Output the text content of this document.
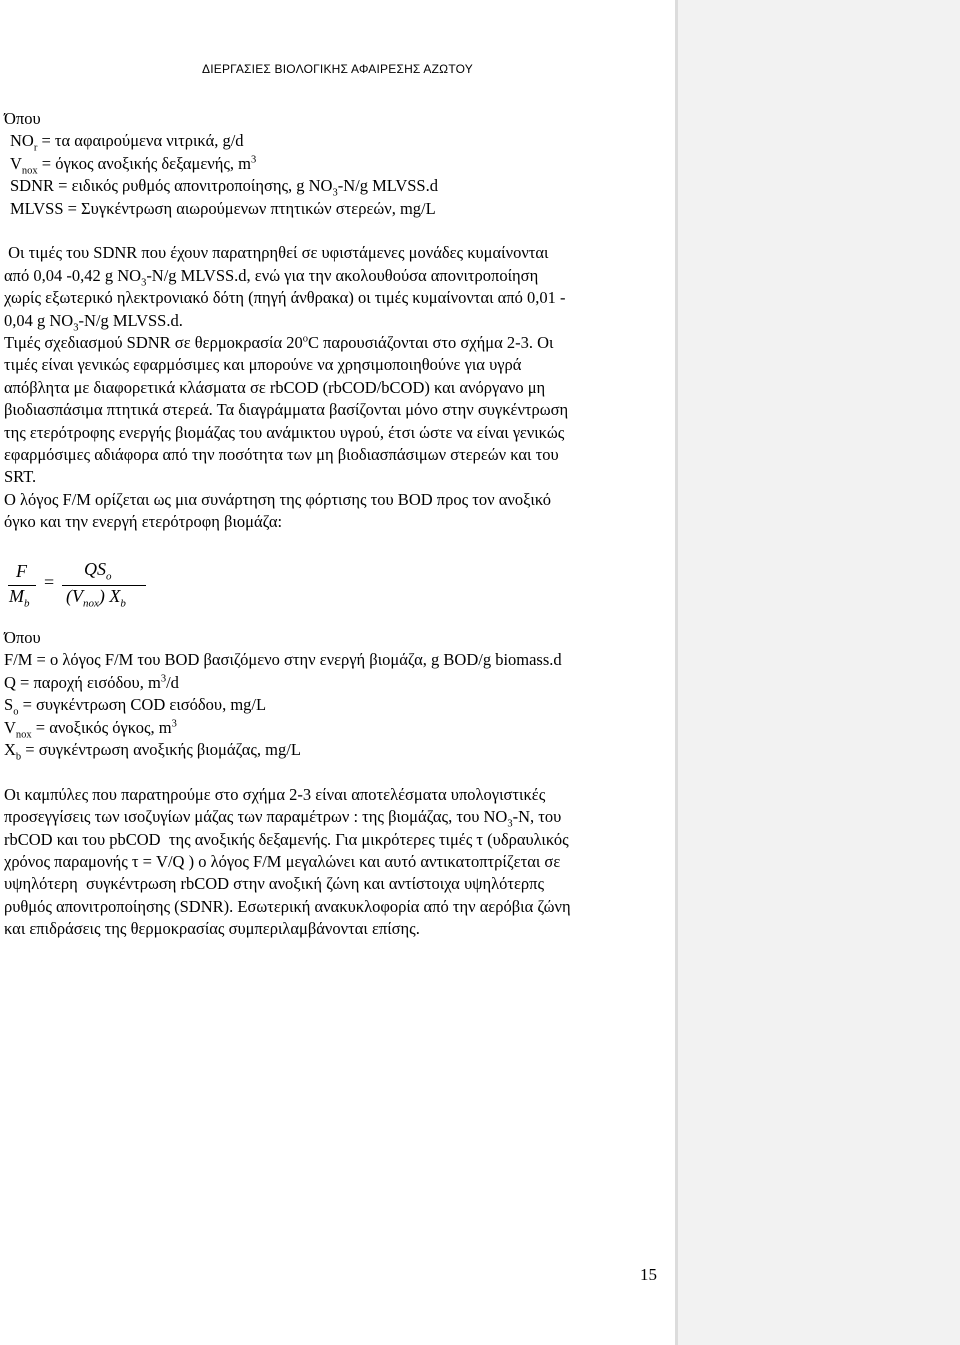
ΔΙΕΡΓΑΣΙΕΣ ΒΙΟΛΟΓΙΚΗΣ ΑΦΑΙΡΕΣΗΣ ΑΖΩΤΟΥ
Όπου
$NO_r = \tau\alpha$ αφαιρούμενα νιτρικά, g/d
$V_{nox} = ό\gamma\kappa o\varsigma$ ανοξικής δεξαμενής, $m^3$
SDNR = ειδικός ρυθμός απονιτροποίησης, g $NO_3-N/g$ MLVSS.d
MLVSS = Συγκέντρωση αιωρούμενων πτητικών στερεών, mg/L
Οι τιμές του SDNR που έχουν παρατηρηθεί σε υφιστάμενες μονάδες κυμαίνονται
από 0,04 -0,42 g $NO_3-N/g$ MLVSS.d, ενώ για την ακολουθούσα απονιτροποίηση
χωρίς εξωτερικό ηλεκτρονιακό δότη (πηγή άνθρακα) οι τιμές κυμαίνονται από 0,01 -
0,04 g $NO_3-N/g$ MLVSS.d.
Τιμές σχεδιασμού SDNR σε θερμοκρασία 20$^o$C παρουσιάζονται στο σχήμα 2-3. Οι
τιμές είναι γενικώς εφαρμόσιμες και μπορούνε να χρησιμοποιηθούνε για υγρά
απόβλητα με διαφορετικά κλάσματα σε rbCOD (rbCOD/bCOD) και ανόργανο μη
βιοδιασπάσιμα πτητικά στερεά. Τα διαγράμματα βασίζονται μόνο στην συγκέντρωση
της ετερότροφης ενεργής βιομάζας του ανάμικτου υγρού, έτσι ώστε να είναι γενικώς
εφαρμόσιμες αδιάφορα από την ποσότητα των μη βιοδιασπάσιμων στερεών και του
SRT.
Ο λόγος F/M ορίζεται ως μια συνάρτηση της φόρτισης του BOD προς τον ανοξικό
όγκο και την ενεργή ετερότροφη βιομάζα:
F
$M_b$
=
$QS_o$
$(V_{nox})$ $X_b$
Όπου
F/M = ο λόγος F/M του BOD βασιζόμενο στην ενεργή βιομάζα, g BOD/g biomass.d
Q = παροχή εισόδου, $m^3/d$
$S_o = \sigma\upsilon\gamma\kappa έ\nu\tau\rho\omega\sigma\eta$ COD εισόδου, mg/L
$V_{nox} = \alpha\nu o\xi\iota\kappa ό\varsigma$ όγκος, $m^3$
$X_b = \sigma\upsilon\gamma\kappa έ\nu\tau\rho\omega\sigma\eta$ ανοξικής βιομάζας, mg/L
Οι καμπύλες που παρατηρούμε στο σχήμα 2-3 είναι αποτελέσματα υπολογιστικές
προσεγγίσεις των ισοζυγίων μάζας των παραμέτρων : της βιομάζας, του $NO_3-N$, του
rbCOD και του pbCOD  της ανοξικής δεξαμενής. Για μικρότερες τιμές τ (υδραυλικός
χρόνος παραμονής τ = V/Q ) ο λόγος F/M μεγαλώνει και αυτό αντικατοπτρίζεται σε
υψηλότερη  συγκέντρωση rbCOD στην ανοξική ζώνη και αντίστοιχα υψηλότερπς
ρυθμός απονιτροποίησης (SDNR). Εσωτερική ανακυκλοφορία από την αερόβια ζώνη
και επιδράσεις της θερμοκρασίας συμπεριλαμβάνονται επίσης.
15
